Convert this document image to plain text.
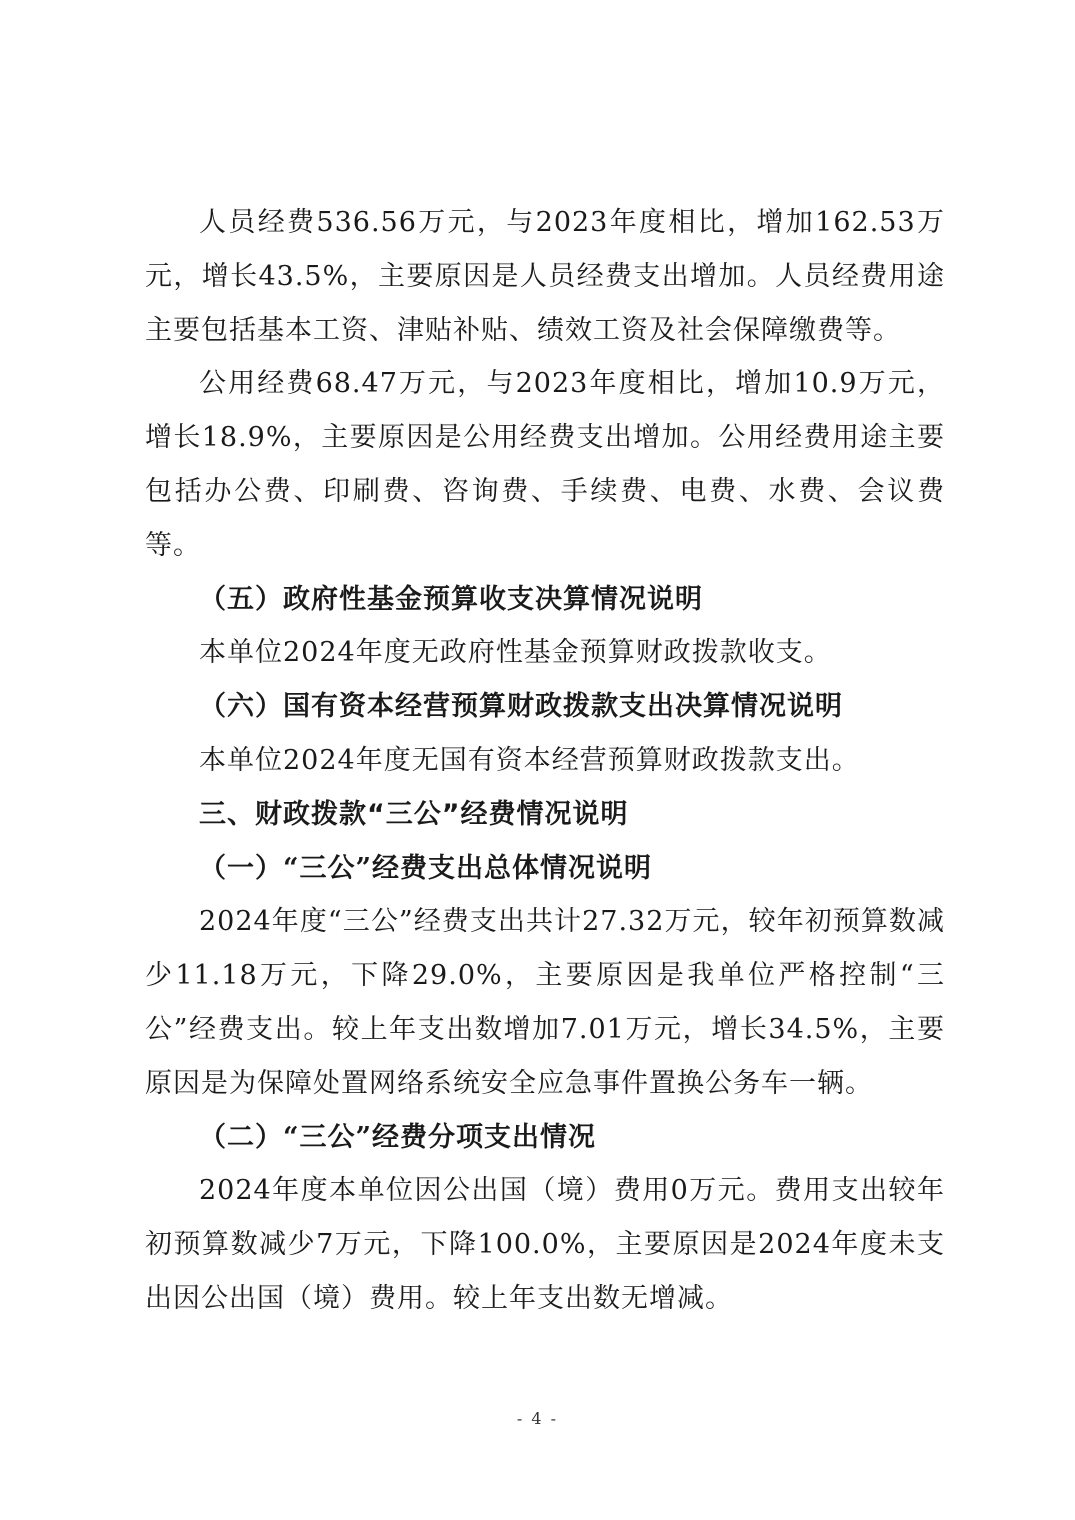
人员经费536.56万元，与2023年度相比，增加162.53万元，增长43.5%，主要原因是人员经费支出增加。人员经费用途主要包括基本工资、津贴补贴、绩效工资及社会保障缴费等。

公用经费68.47万元，与2023年度相比，增加10.9万元，增长18.9%，主要原因是公用经费支出增加。公用经费用途主要包括办公费、印刷费、咨询费、手续费、电费、水费、会议费等。

（五）政府性基金预算收支决算情况说明

本单位2024年度无政府性基金预算财政拨款收支。

（六）国有资本经营预算财政拨款支出决算情况说明

本单位2024年度无国有资本经营预算财政拨款支出。

三、财政拨款“三公”经费情况说明

（一）“三公”经费支出总体情况说明

2024年度“三公”经费支出共计27.32万元，较年初预算数减少11.18万元，下降29.0%，主要原因是我单位严格控制“三公”经费支出。较上年支出数增加7.01万元，增长34.5%，主要原因是为保障处置网络系统安全应急事件置换公务车一辆。

（二）“三公”经费分项支出情况

2024年度本单位因公出国（境）费用0万元。费用支出较年初预算数减少7万元，下降100.0%，主要原因是2024年度未支出因公出国（境）费用。较上年支出数无增减。

- 4 -
